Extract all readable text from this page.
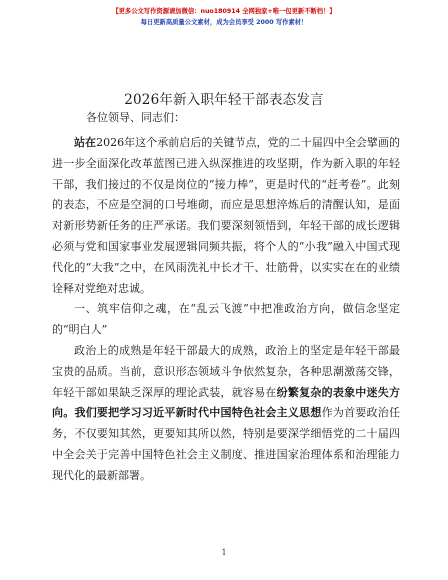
【更多公文写作资源请加微信：nuo180914 全网独家+唯一包更新不断档！】
每日更新高质量公文素材，成为会员享受 2000 写作素材！
2026年新入职年轻干部表态发言
各位领导、同志们：

站在2026年这个承前启后的关键节点，党的二十届四中全会擘画的进一步全面深化改革蓝图已进入纵深推进的攻坚期，作为新入职的年轻干部，我们接过的不仅是岗位的“接力棒”，更是时代的“赶考卷”。此刻的表态，不应是空洞的口号堆砌，而应是思想淬炼后的清醒认知，是面对新形势新任务的庄严承诺。我们要深刻领悟到，年轻干部的成长逻辑必须与党和国家事业发展逻辑同频共振，将个人的“小我”融入中国式现代化的“大我”之中，在风雨洗礼中长才干、壮筋骨，以实实在在的业绩诠释对党绝对忠诚。

一、筑牢信仰之魂，在“乱云飞渡”中把准政治方向，做信念坚定的“明白人”

政治上的成熟是年轻干部最大的成熟，政治上的坚定是年轻干部最宝贵的品质。当前，意识形态领域斗争依然复杂，各种思潮激荡交锋，年轻干部如果缺乏深厚的理论武装，就容易在纷繁复杂的表象中迷失方向。我们要把学习习近平新时代中国特色社会主义思想作为首要政治任务，不仅要知其然，更要知其所以然，特别是要深学细悟党的二十届四中全会关于完善中国特色社会主义制度、推进国家治理体系和治理能力现代化的最新部署。

1
